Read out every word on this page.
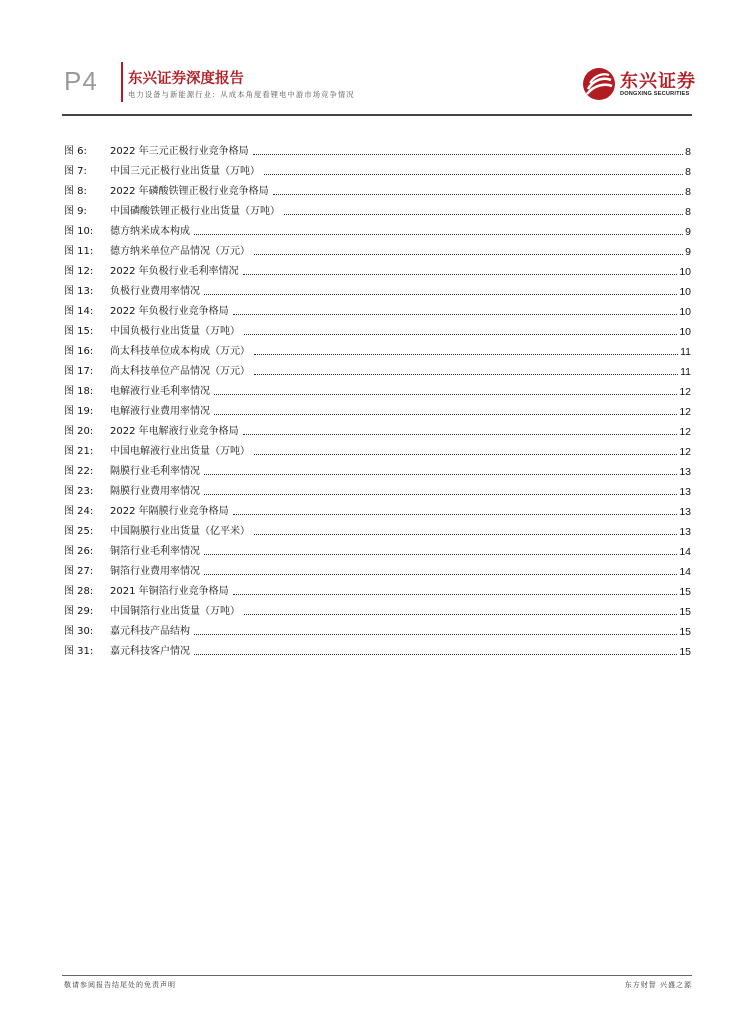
P4 东兴证券深度报告
电力设备与新能源行业：从成本角度看锂电中游市场竞争情况
东兴证券
DONGXING SECURITIES
图 6:	2022 年三元正极行业竞争格局	8
图 7:	中国三元正极行业出货量（万吨）	8
图 8:	2022 年磷酸铁锂正极行业竞争格局	8
图 9:	中国磷酸铁锂正极行业出货量（万吨）	8
图 10:	德方纳米成本构成	9
图 11:	德方纳米单位产品情况（万元）	9
图 12:	2022 年负极行业毛利率情况	10
图 13:	负极行业费用率情况	10
图 14:	2022 年负极行业竞争格局	10
图 15:	中国负极行业出货量（万吨）	10
图 16:	尚太科技单位成本构成（万元）	11
图 17:	尚太科技单位产品情况（万元）	11
图 18:	电解液行业毛利率情况	12
图 19:	电解液行业费用率情况	12
图 20:	2022 年电解液行业竞争格局	12
图 21:	中国电解液行业出货量（万吨）	12
图 22:	隔膜行业毛利率情况	13
图 23:	隔膜行业费用率情况	13
图 24:	2022 年隔膜行业竞争格局	13
图 25:	中国隔膜行业出货量（亿平米）	13
图 26:	铜箔行业毛利率情况	14
图 27:	铜箔行业费用率情况	14
图 28:	2021 年铜箔行业竞争格局	15
图 29:	中国铜箔行业出货量（万吨）	15
图 30:	嘉元科技产品结构	15
图 31:	嘉元科技客户情况	15
敬请参阅报告结尾处的免责声明	东方财智 兴盛之源
